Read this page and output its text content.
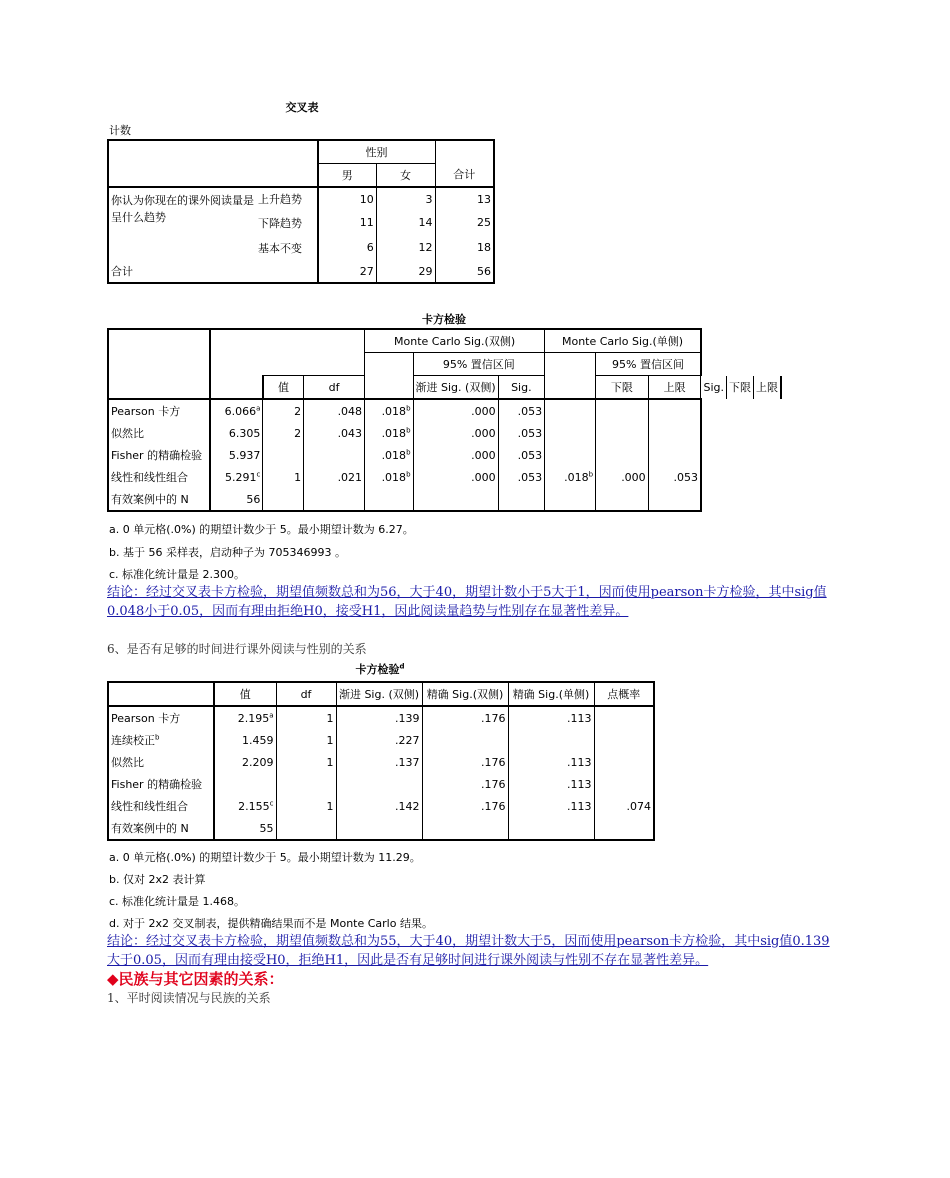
交叉表
计数
		性别		合计
		男	女	
你认为你现在的课外阅读量是
呈什么趋势	上升趋势	10	3	13
	下降趋势	11	14	25
	基本不变	6	12	18
合计		27	29	56
卡方检验
				Monte Carlo Sig.(双侧)			Monte Carlo Sig.(单侧)					
					95% 置信区间			95% 置信区间				
		值	df		渐进 Sig. (双侧)	Sig.		下限	上限	Sig.	下限	上限
Pearson 卡方	6.066$^a$	2	.048	.018$^b$	.000	.053						
似然比	6.305	2	.043	.018$^b$	.000	.053						
Fisher 的精确检验	5.937			.018$^b$	.000	.053						
线性和线性组合	5.291$^c$	1	.021	.018$^b$	.000	.053	.018$^b$	.000	.053			
有效案例中的 N	56											
a. 0 单元格(.0%) 的期望计数少于 5。最小期望计数为 6.27。
b. 基于 56 采样表，启动种子为 705346993 。
c. 标准化统计量是 2.300。
结论：经过交叉表卡方检验，期望值频数总和为56，大于40，期望计数小于5大于1，因而使用pearson卡方检验，其中sig值
0.048小于0.05，因而有理由拒绝H0，接受H1，因此阅读量趋势与性别存在显著性差异。
6、是否有足够的时间进行课外阅读与性别的关系
卡方检验$^d$
	值	df	渐进 Sig. (双侧)	精确 Sig.(双侧)	精确 Sig.(单侧)	点概率
Pearson 卡方	2.195$^a$	1	.139	.176	.113	
连续校正$^b$	1.459	1	.227			
似然比	2.209	1	.137	.176	.113	
Fisher 的精确检验				.176	.113	
线性和线性组合	2.155$^c$	1	.142	.176	.113	.074
有效案例中的 N	55					
a. 0 单元格(.0%) 的期望计数少于 5。最小期望计数为 11.29。
b. 仅对 2x2 表计算
c. 标准化统计量是 1.468。
d. 对于 2x2 交叉制表，提供精确结果而不是 Monte Carlo 结果。
结论：经过交叉表卡方检验，期望值频数总和为55，大于40，期望计数大于5，因而使用pearson卡方检验，其中sig值0.139
大于0.05，因而有理由接受H0，拒绝H1，因此是否有足够时间进行课外阅读与性别不存在显著性差异。
◆民族与其它因素的关系：
1、平时阅读情况与民族的关系
